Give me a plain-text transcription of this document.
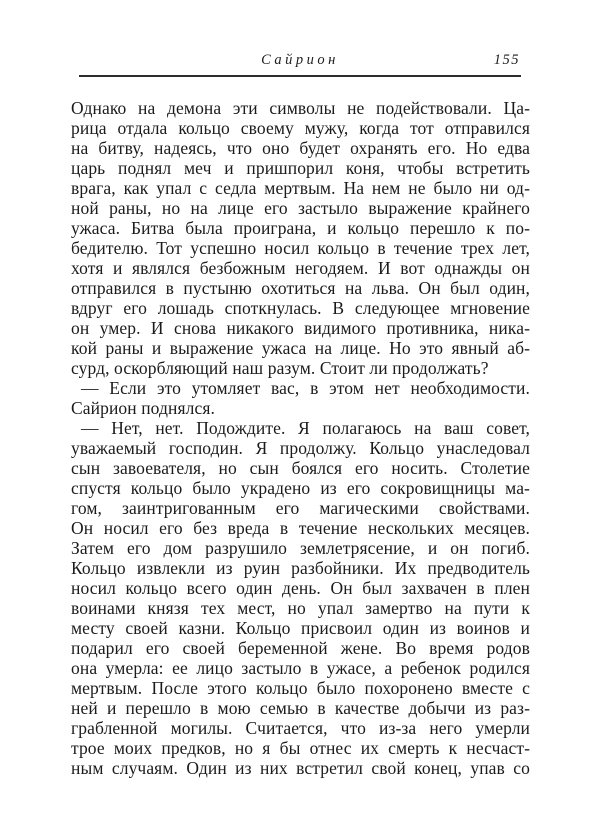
Сайрион	155
Однако на демона эти символы не подействовали. Ца-
рица отдала кольцо своему мужу, когда тот отправился
на битву, надеясь, что оно будет охранять его. Но едва
царь поднял меч и пришпорил коня, чтобы встретить
врага, как упал с седла мертвым. На нем не было ни од-
ной раны, но на лице его застыло выражение крайнего
ужаса. Битва была проиграна, и кольцо перешло к по-
бедителю. Тот успешно носил кольцо в течение трех лет,
хотя и являлся безбожным негодяем. И вот однажды он
отправился в пустыню охотиться на льва. Он был один,
вдруг его лошадь споткнулась. В следующее мгновение
он умер. И снова никакого видимого противника, ника-
кой раны и выражение ужаса на лице. Но это явный аб-
сурд, оскорбляющий наш разум. Стоит ли продолжать?
— Если это утомляет вас, в этом нет необходимости.
Сайрион поднялся.
— Нет, нет. Подождите. Я полагаюсь на ваш совет,
уважаемый господин. Я продолжу. Кольцо унаследовал
сын завоевателя, но сын боялся его носить. Столетие
спустя кольцо было украдено из его сокровищницы ма-
гом, заинтригованным его магическими свойствами.
Он носил его без вреда в течение нескольких месяцев.
Затем его дом разрушило землетрясение, и он погиб.
Кольцо извлекли из руин разбойники. Их предводитель
носил кольцо всего один день. Он был захвачен в плен
воинами князя тех мест, но упал замертво на пути к
месту своей казни. Кольцо присвоил один из воинов и
подарил его своей беременной жене. Во время родов
она умерла: ее лицо застыло в ужасе, а ребенок родился
мертвым. После этого кольцо было похоронено вместе с
ней и перешло в мою семью в качестве добычи из раз-
грабленной могилы. Считается, что из-за него умерли
трое моих предков, но я бы отнес их смерть к несчаст-
ным случаям. Один из них встретил свой конец, упав со
